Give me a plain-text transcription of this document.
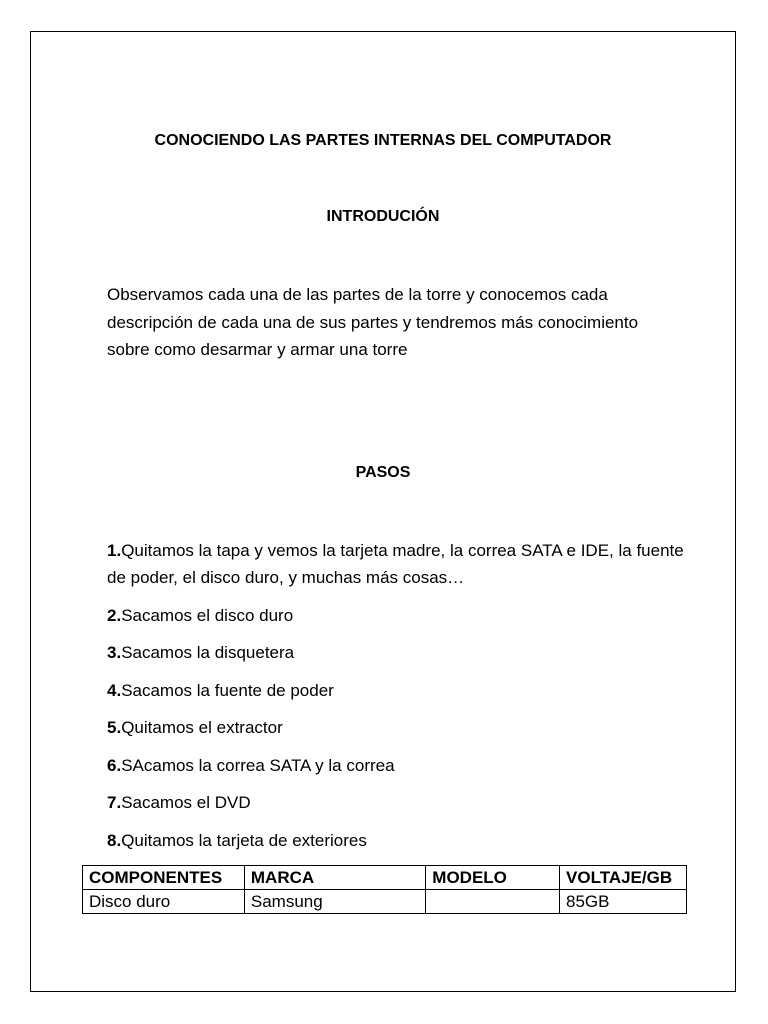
CONOCIENDO LAS PARTES INTERNAS DEL COMPUTADOR
INTRODUCIÓN
Observamos cada una de las partes de la torre y conocemos cada descripción de cada una de sus partes y tendremos más conocimiento sobre como desarmar y armar una torre
PASOS
1.Quitamos la tapa y vemos la tarjeta madre, la correa SATA e IDE, la fuente de poder, el disco duro, y muchas más cosas…
2.Sacamos el disco duro
3.Sacamos la disquetera
4.Sacamos la fuente de poder
5.Quitamos el extractor
6.SAcamos la correa SATA y la correa
7.Sacamos el DVD
8.Quitamos la tarjeta de exteriores
COMPONENTES	MARCA	MODELO	VOLTAJE/GB
Disco duro	Samsung		85GB
